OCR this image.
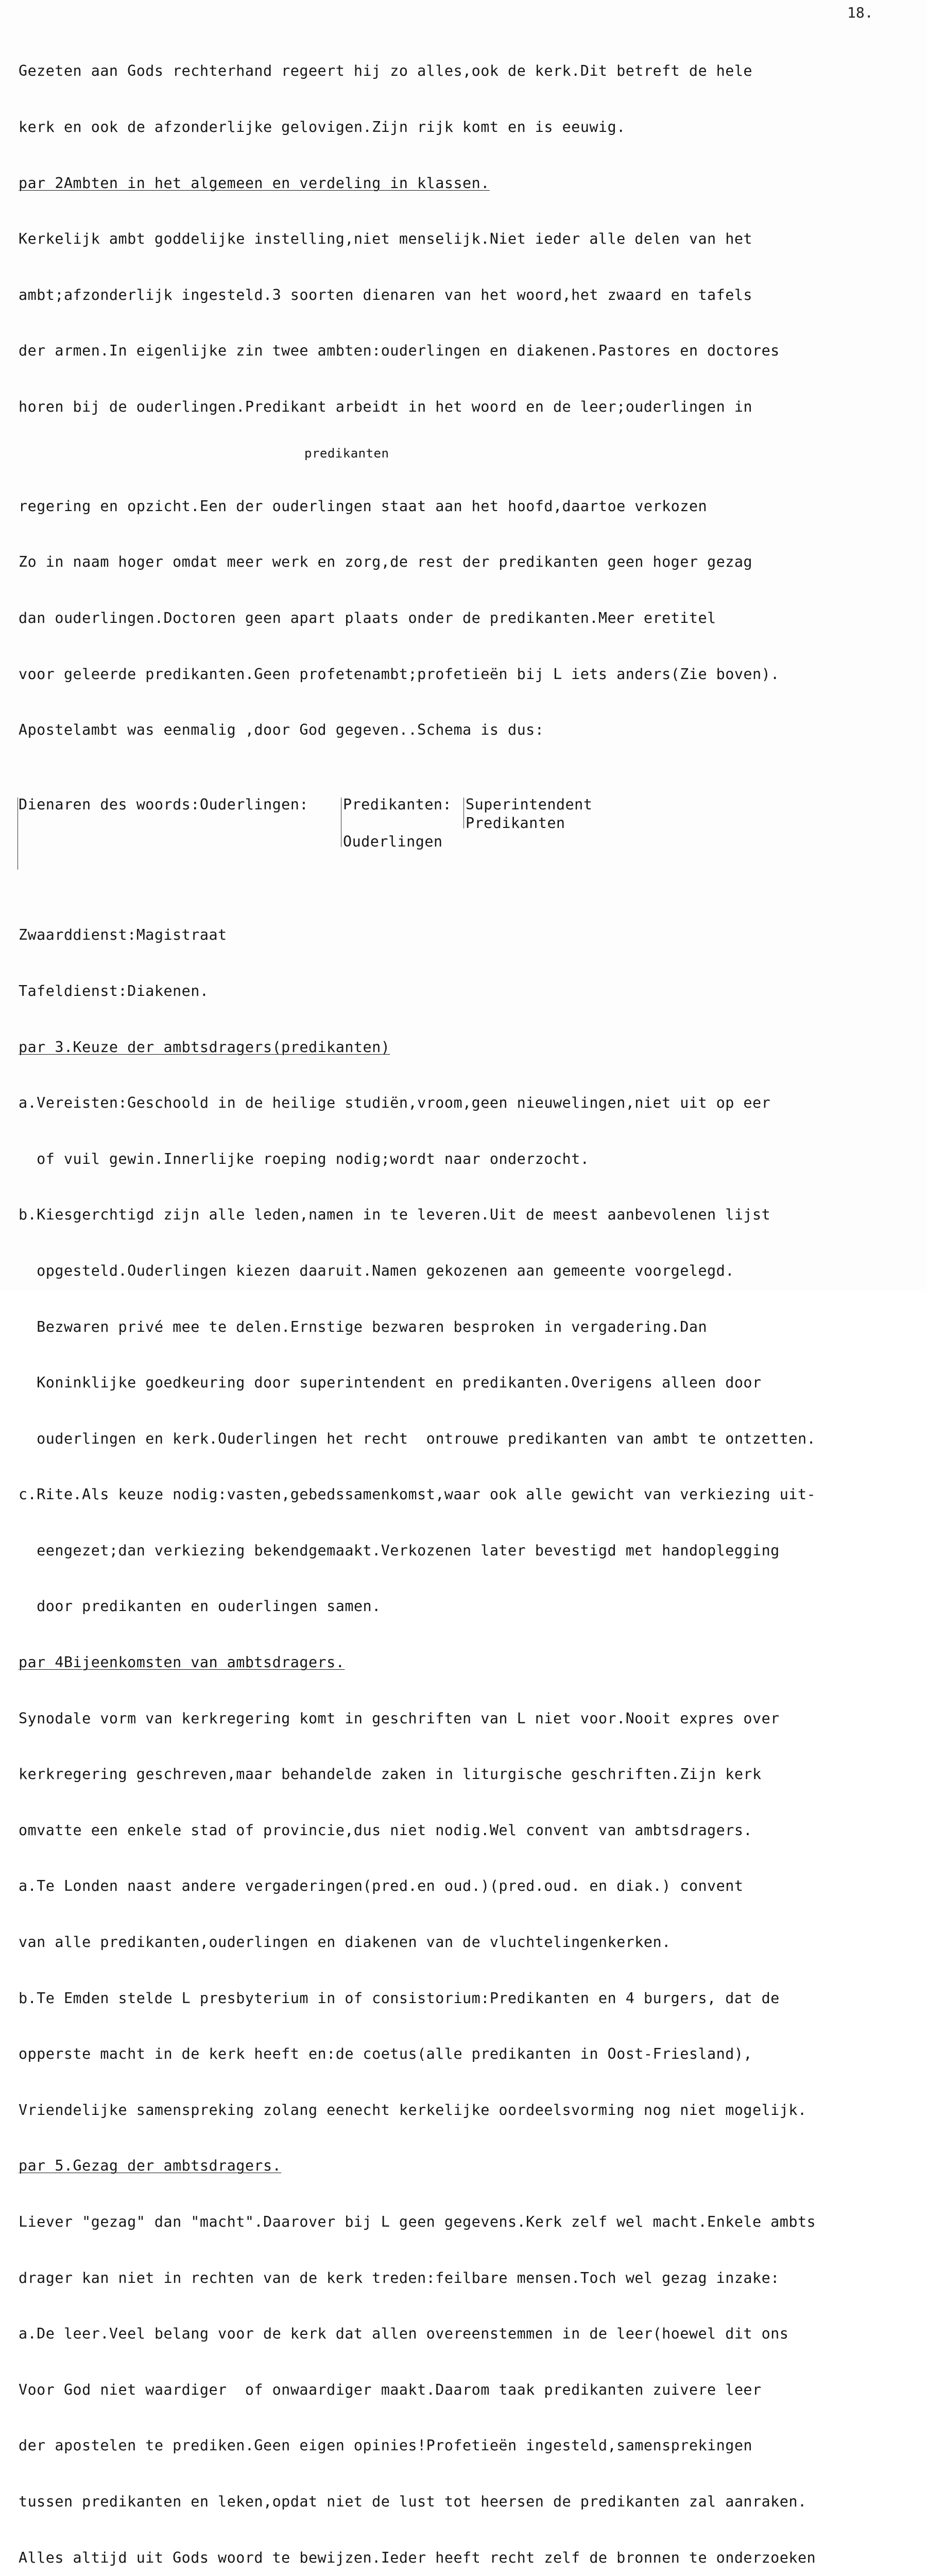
18.

Gezeten aan Gods rechterhand regeert hij zo alles,ook de kerk.Dit betreft de hele

kerk en ook de afzonderlijke gelovigen.Zijn rijk komt en is eeuwig.

par 2Ambten in het algemeen en verdeling in klassen.

Kerkelijk ambt goddelijke instelling,niet menselijk.Niet ieder alle delen van het

ambt;afzonderlijk ingesteld.3 soorten dienaren van het woord,het zwaard en tafels

der armen.In eigenlijke zin twee ambten:ouderlingen en diakenen.Pastores en doctores

horen bij de ouderlingen.Predikant arbeidt in het woord en de leer;ouderlingen in

predikanten

regering en opzicht.Een der ouderlingen staat aan het hoofd,daartoe verkozen

Zo in naam hoger omdat meer werk en zorg,de rest der predikanten geen hoger gezag

dan ouderlingen.Doctoren geen apart plaats onder de predikanten.Meer eretitel

voor geleerde predikanten.Geen profetenambt;profetieën bij L iets anders(Zie boven).

Apostelambt was eenmalig ,door God gegeven..Schema is dus:

Dienaren des woords:Ouderlingen:

Predikanten:

Superintendent

Predikanten

Ouderlingen

Zwaarddienst:Magistraat

Tafeldienst:Diakenen.

par 3.Keuze der ambtsdragers(predikanten)

a.Vereisten:Geschoold in de heilige studiën,vroom,geen nieuwelingen,niet uit op eer

of vuil gewin.Innerlijke roeping nodig;wordt naar onderzocht.

b.Kiesgerchtigd zijn alle leden,namen in te leveren.Uit de meest aanbevolenen lijst

opgesteld.Ouderlingen kiezen daaruit.Namen gekozenen aan gemeente voorgelegd.

Bezwaren privé mee te delen.Ernstige bezwaren besproken in vergadering.Dan

Koninklijke goedkeuring door superintendent en predikanten.Overigens alleen door

ouderlingen en kerk.Ouderlingen het recht  ontrouwe predikanten van ambt te ontzetten.

c.Rite.Als keuze nodig:vasten,gebedssamenkomst,waar ook alle gewicht van verkiezing uit-

eengezet;dan verkiezing bekendgemaakt.Verkozenen later bevestigd met handoplegging

door predikanten en ouderlingen samen.

par 4Bijeenkomsten van ambtsdragers.

Synodale vorm van kerkregering komt in geschriften van L niet voor.Nooit expres over

kerkregering geschreven,maar behandelde zaken in liturgische geschriften.Zijn kerk

omvatte een enkele stad of provincie,dus niet nodig.Wel convent van ambtsdragers.

a.Te Londen naast andere vergaderingen(pred.en oud.)(pred.oud. en diak.) convent

van alle predikanten,ouderlingen en diakenen van de vluchtelingenkerken.

b.Te Emden stelde L presbyterium in of consistorium:Predikanten en 4 burgers, dat de

opperste macht in de kerk heeft en:de coetus(alle predikanten in Oost-Friesland),

Vriendelijke samenspreking zolang eenecht kerkelijke oordeelsvorming nog niet mogelijk.

par 5.Gezag der ambtsdragers.

Liever "gezag" dan "macht".Daarover bij L geen gegevens.Kerk zelf wel macht.Enkele ambts

drager kan niet in rechten van de kerk treden:feilbare mensen.Toch wel gezag inzake:

a.De leer.Veel belang voor de kerk dat allen overeenstemmen in de leer(hoewel dit ons

Voor God niet waardiger  of onwaardiger maakt.Daarom taak predikanten zuivere leer

der apostelen te prediken.Geen eigen opinies!Profetieën ingesteld,samensprekingen

tussen predikanten en leken,opdat niet de lust tot heersen de predikanten zal aanraken.

Alles altijd uit Gods woord te bewijzen.Ieder heeft recht zelf de bronnen te onderzoeken
